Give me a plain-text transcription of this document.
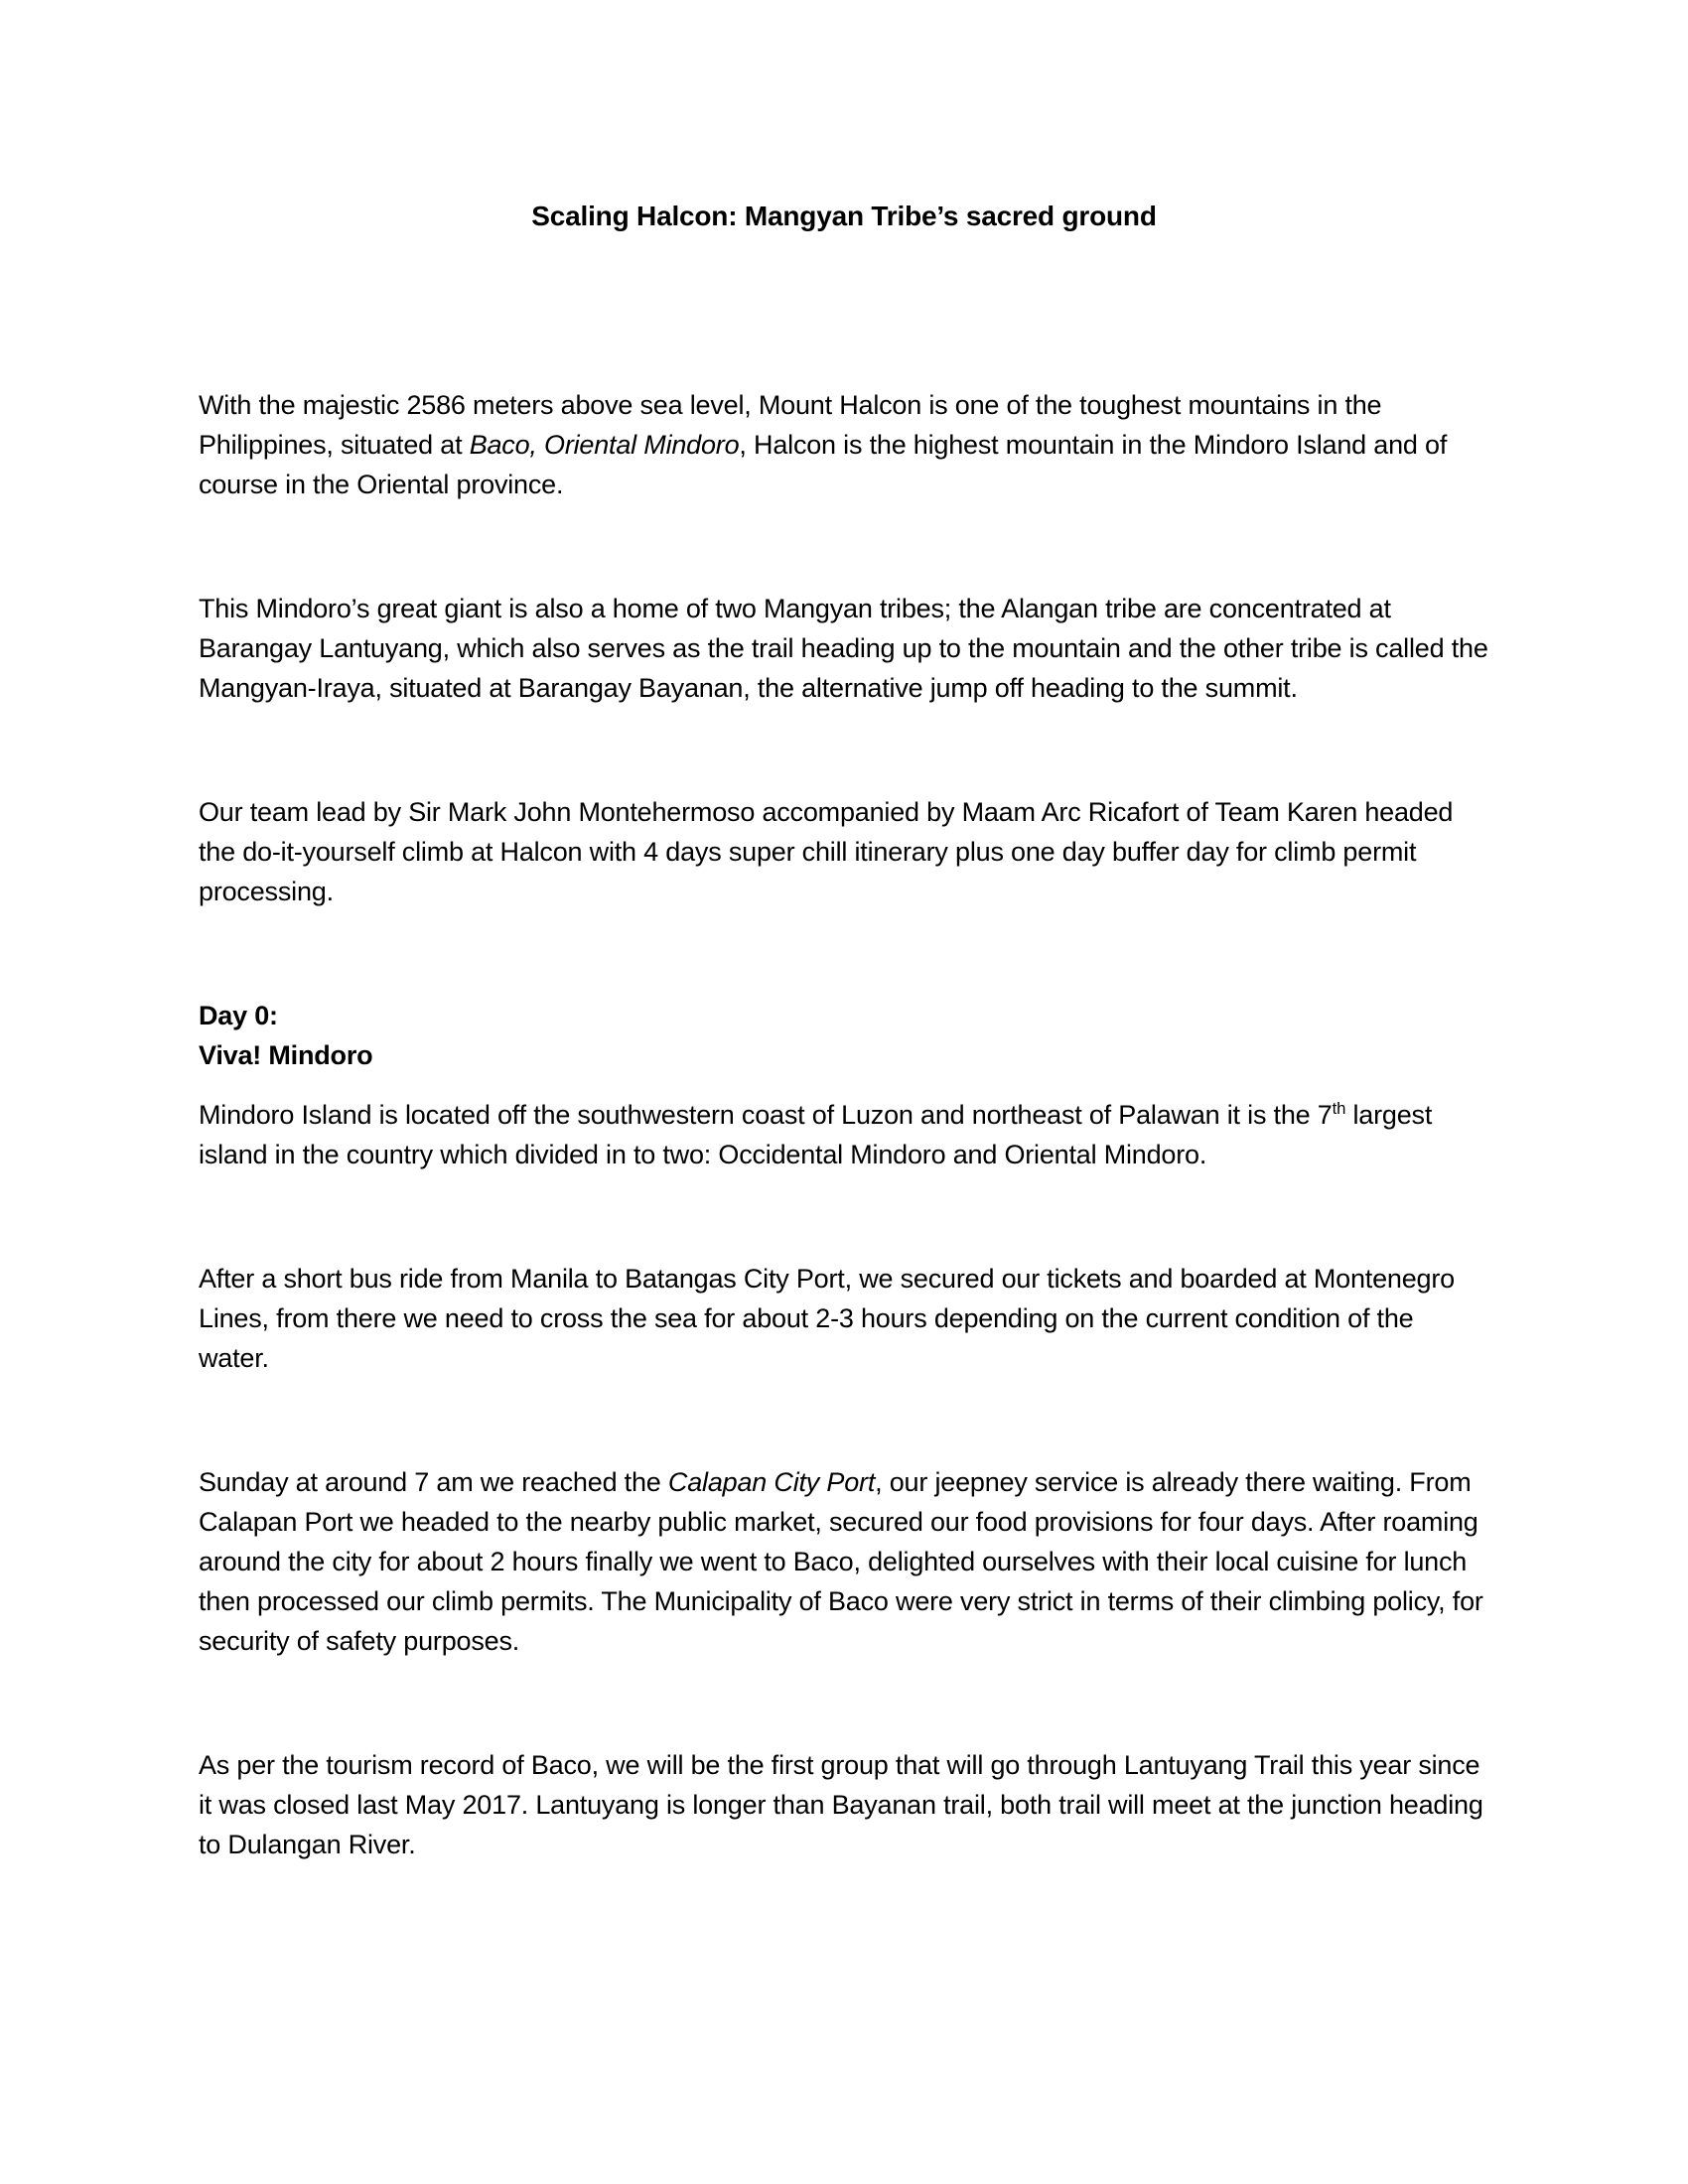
Scaling Halcon: Mangyan Tribe’s sacred ground

With the majestic 2586 meters above sea level, Mount Halcon is one of the toughest mountains in the Philippines, situated at Baco, Oriental Mindoro, Halcon is the highest mountain in the Mindoro Island and of course in the Oriental province.

This Mindoro’s great giant is also a home of two Mangyan tribes; the Alangan tribe are concentrated at Barangay Lantuyang, which also serves as the trail heading up to the mountain and the other tribe is called the Mangyan-Iraya, situated at Barangay Bayanan, the alternative jump off heading to the summit.

Our team lead by Sir Mark John Montehermoso accompanied by Maam Arc Ricafort of Team Karen headed the do-it-yourself climb at Halcon with 4 days super chill itinerary plus one day buffer day for climb permit processing.

Day 0:
Viva! Mindoro

Mindoro Island is located off the southwestern coast of Luzon and northeast of Palawan it is the 7th largest island in the country which divided in to two: Occidental Mindoro and Oriental Mindoro.

After a short bus ride from Manila to Batangas City Port, we secured our tickets and boarded at Montenegro Lines, from there we need to cross the sea for about 2-3 hours depending on the current condition of the water.

Sunday at around 7 am we reached the Calapan City Port, our jeepney service is already there waiting. From Calapan Port we headed to the nearby public market, secured our food provisions for four days. After roaming around the city for about 2 hours finally we went to Baco, delighted ourselves with their local cuisine for lunch then processed our climb permits. The Municipality of Baco were very strict in terms of their climbing policy, for security of safety purposes.

As per the tourism record of Baco, we will be the first group that will go through Lantuyang Trail this year since it was closed last May 2017. Lantuyang is longer than Bayanan trail, both trail will meet at the junction heading to Dulangan River.
